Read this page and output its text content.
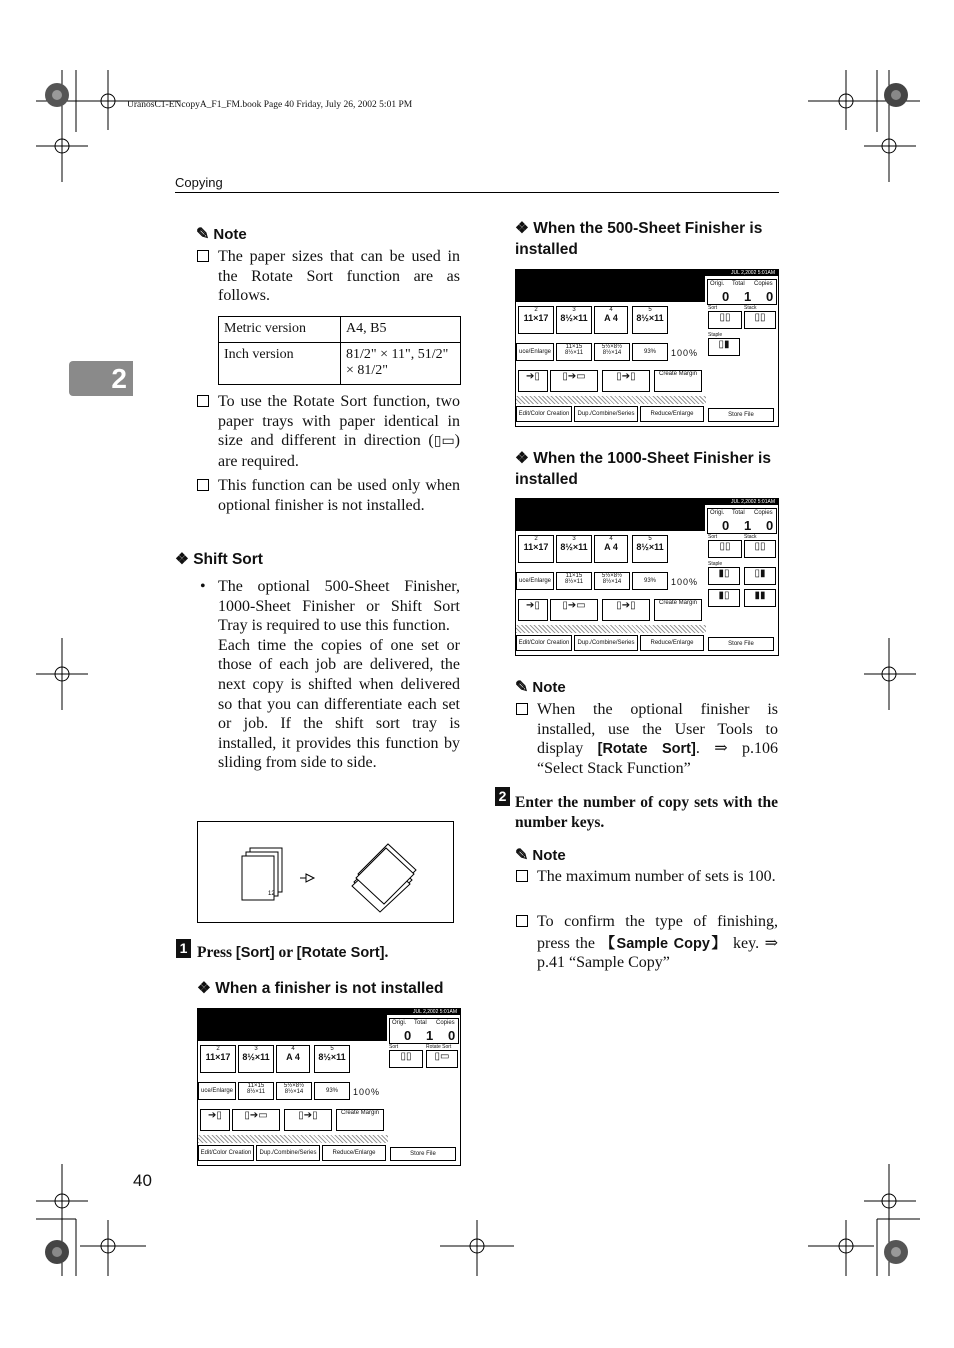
UranosC1-ENcopyA_F1_FM.book Page 40 Friday, July 26, 2002 5:01 PM
Copying
2
40
✎ Note
The paper sizes that can be used in the Rotate Sort function are as follows.
Metric version	A4, B5
Inch version	81/2" × 11", 51/2" × 81/2"
To use the Rotate Sort function, two paper trays with paper identical in size and different in direction (▯▭) are required.
This function can be used only when optional finisher is not installed.
❖ Shift Sort
• The optional 500-Sheet Finisher, 1000-Sheet Finisher or Shift Sort Tray is required to use this function.
Each time the copies of one set or those of each job are delivered, the next copy is shifted when delivered so that you can differentiate each set or job. If the shift sort tray is installed, it provides this function by sliding from side to side.
12
1 Press [Sort] or [Rotate Sort].
❖ When a finisher is not installed
JUL 2,2002 5:01AM
Origi. Total Copies
0 1 0
2
11×17
3
8½×11
4
A 4
5
8½×11
uce/Enlarge
11×15 8½×11
5½×8½ 8½×14	93%	100%
➔▯	▯➔▭	▯➔▯	Create Margin
Edit/Color Creation	Dup./Combine/Series	Reduce/Enlarge	Store File
Sort	Rotate Sort
▯▯	▯▭
❖ When the 500-Sheet Finisher is installed
JUL 2,2002 5:01AM
Origi. Total Copies
0 1 0
2
11×17
3
8½×11
4
A 4
5
8½×11
uce/Enlarge
11×15 8½×11
5½×8½ 8½×14	93%	100%
➔▯	▯➔▭	▯➔▯	Create Margin
Edit/Color Creation	Dup./Combine/Series	Reduce/Enlarge	Store File
Sort	Stack
▯▯	▯▯
Staple
▯▮
❖ When the 1000-Sheet Finisher is installed
JUL 2,2002 5:01AM
Origi. Total Copies
0 1 0
2
11×17
3
8½×11
4
A 4
5
8½×11
uce/Enlarge
11×15 8½×11
5½×8½ 8½×14	93%	100%
➔▯	▯➔▭	▯➔▯	Create Margin
Edit/Color Creation	Dup./Combine/Series	Reduce/Enlarge	Store File
Sort	Stack
▯▯	▯▯
Staple
▮▯	▯▮
▮▯	▮▮
✎ Note
When the optional finisher is installed, use the User Tools to display [Rotate Sort]. ⇒ p.106 “Select Stack Function”
2 Enter the number of copy sets with the number keys.
✎ Note
The maximum number of sets is 100.
To confirm the type of finishing, press the 【Sample Copy】 key. ⇒ p.41 “Sample Copy”
